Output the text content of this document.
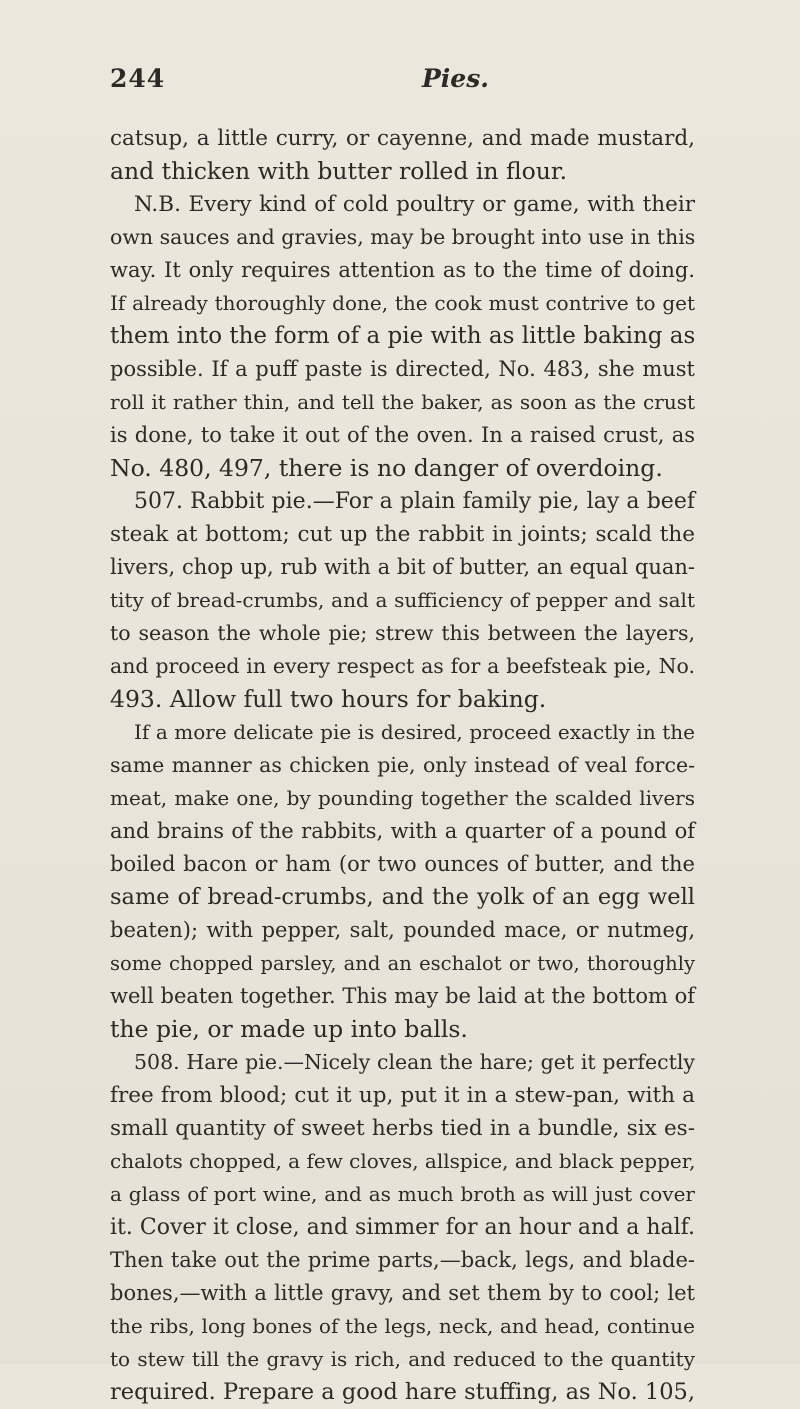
244	Pies.
catsup, a little curry, or cayenne, and made mustard,
and thicken with butter rolled in flour.
N.B. Every kind of cold poultry or game, with their
own sauces and gravies, may be brought into use in this
way. It only requires attention as to the time of doing.
If already thoroughly done, the cook must contrive to get
them into the form of a pie with as little baking as
possible. If a puff paste is directed, No. 483, she must
roll it rather thin, and tell the baker, as soon as the crust
is done, to take it out of the oven. In a raised crust, as
No. 480, 497, there is no danger of overdoing.
507. Rabbit pie.—For a plain family pie, lay a beef
steak at bottom; cut up the rabbit in joints; scald the
livers, chop up, rub with a bit of butter, an equal quan-
tity of bread-crumbs, and a sufficiency of pepper and salt
to season the whole pie; strew this between the layers,
and proceed in every respect as for a beefsteak pie, No.
493. Allow full two hours for baking.
If a more delicate pie is desired, proceed exactly in the
same manner as chicken pie, only instead of veal force-
meat, make one, by pounding together the scalded livers
and brains of the rabbits, with a quarter of a pound of
boiled bacon or ham (or two ounces of butter, and the
same of bread-crumbs, and the yolk of an egg well
beaten); with pepper, salt, pounded mace, or nutmeg,
some chopped parsley, and an eschalot or two, thoroughly
well beaten together. This may be laid at the bottom of
the pie, or made up into balls.
508. Hare pie.—Nicely clean the hare; get it perfectly
free from blood; cut it up, put it in a stew-pan, with a
small quantity of sweet herbs tied in a bundle, six es-
chalots chopped, a few cloves, allspice, and black pepper,
a glass of port wine, and as much broth as will just cover
it. Cover it close, and simmer for an hour and a half.
Then take out the prime parts,—back, legs, and blade-
bones,—with a little gravy, and set them by to cool; let
the ribs, long bones of the legs, neck, and head, continue
to stew till the gravy is rich, and reduced to the quantity
required. Prepare a good hare stuffing, as No. 105,
